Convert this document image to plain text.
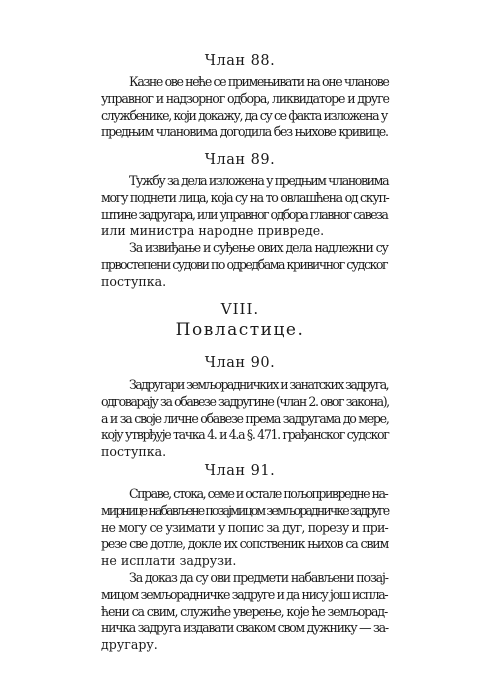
Члан 88.
Казне ове неће се примењивати на оне чланове
управног и надзорног одбора, ликвидаторе и друге
службенике, који докажу, да су се факта изложена у
предњим члановима догодила без њихове кривице.
Члан 89.
Тужбу за дела изложена у предњим члановима
могу поднети лица, која су на то овлашћена од скуп-
штине задругара, или управног одбора главног савеза
или министра народне привреде.
За извиђање и суђење ових дела надлежни су
првостепени судови по одредбама кривичног судског
поступка.
VIII.
Повластице.
Члан 90.
Задругари земљорадничких и занатских задруга,
одговарају за обавезе задругине (члан 2. овог закона),
а и за своје личне обавезе према задругама до мере,
коју утврђује тачка 4. и 4.а §. 471. грађанског судског
поступка.
Члан 91.
Справе, стока, семе и остале пољопривредне на-
мирнице набављене позајмицом земљорадничке задруге
не могу се узимати у попис за дуг, порезу и при-
резе све дотле, докле их сопственик њихов са свим
не исплати задрузи.
За доказ да су ови предмети набављени позај-
мицом земљорадничке задруге и да нису још испла-
ћени са свим, служиће уверење, које ће земљорад-
ничка задруга издавати сваком свом дужнику — за-
другару.
